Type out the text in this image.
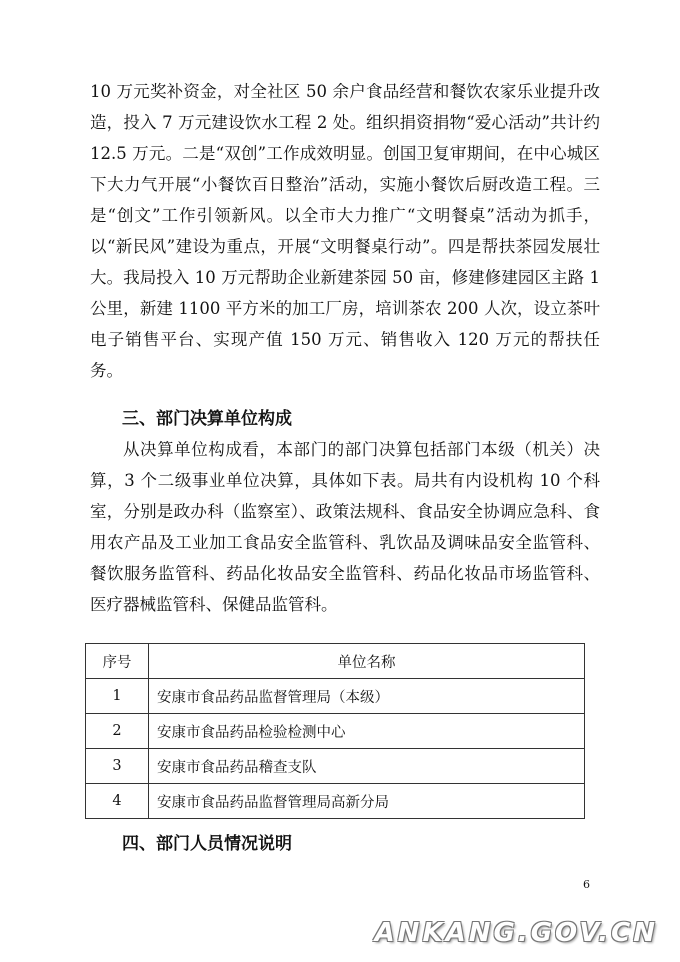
10 万元奖补资金，对全社区 50 余户食品经营和餐饮农家乐业提升改造，投入 7 万元建设饮水工程 2 处。组织捐资捐物“爱心活动”共计约 12.5 万元。二是“双创”工作成效明显。创国卫复审期间，在中心城区下大力气开展“小餐饮百日整治”活动，实施小餐饮后厨改造工程。三是“创文”工作引领新风。以全市大力推广“文明餐桌”活动为抓手，以“新民风”建设为重点，开展“文明餐桌行动”。四是帮扶茶园发展壮大。我局投入 10 万元帮助企业新建茶园 50 亩，修建修建园区主路 1 公里，新建 1100 平方米的加工厂房，培训茶农 200 人次，设立茶叶电子销售平台、实现产值 150 万元、销售收入 120 万元的帮扶任务。

三、部门决算单位构成

从决算单位构成看，本部门的部门决算包括部门本级（机关）决算，3 个二级事业单位决算，具体如下表。局共有内设机构 10 个科室，分别是政办科（监察室）、政策法规科、食品安全协调应急科、食用农产品及工业加工食品安全监管科、乳饮品及调味品安全监管科、餐饮服务监管科、药品化妆品安全监管科、药品化妆品市场监管科、医疗器械监管科、保健品监管科。

序号	单位名称
1	安康市食品药品监督管理局（本级）
2	安康市食品药品检验检测中心
3	安康市食品药品稽查支队
4	安康市食品药品监督管理局高新分局
四、部门人员情况说明
6
ANKANG.GOV.CN
